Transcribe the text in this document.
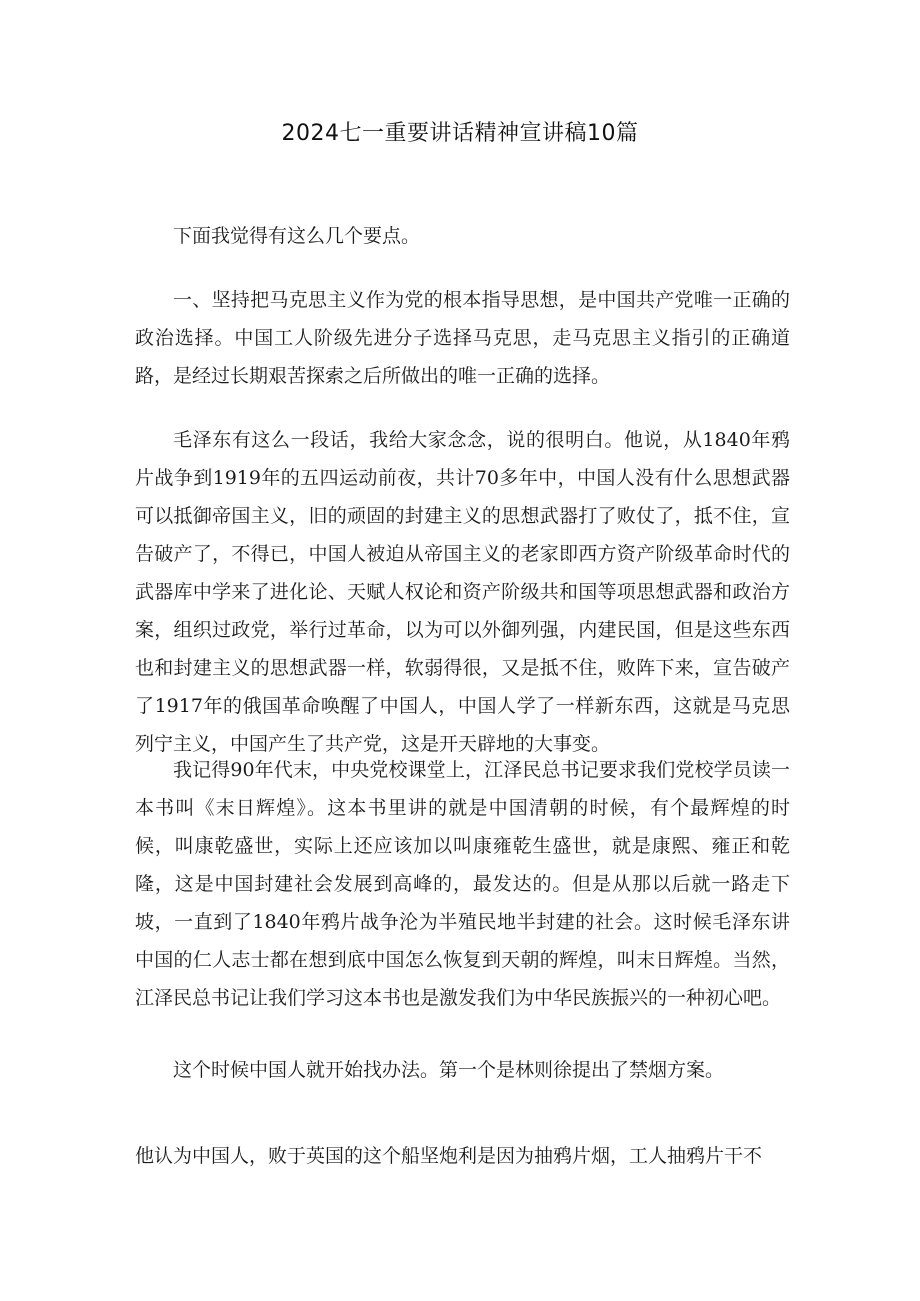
2024七一重要讲话精神宣讲稿10篇

下面我觉得有这么几个要点。

一、坚持把马克思主义作为党的根本指导思想，是中国共产党唯一正确的政治选择。中国工人阶级先进分子选择马克思，走马克思主义指引的正确道路，是经过长期艰苦探索之后所做出的唯一正确的选择。

毛泽东有这么一段话，我给大家念念，说的很明白。他说，从1840年鸦片战争到1919年的五四运动前夜，共计70多年中，中国人没有什么思想武器可以抵御帝国主义，旧的顽固的封建主义的思想武器打了败仗了，抵不住，宣告破产了，不得已，中国人被迫从帝国主义的老家即西方资产阶级革命时代的武器库中学来了进化论、天赋人权论和资产阶级共和国等项思想武器和政治方案，组织过政党，举行过革命，以为可以外御列强，内建民国，但是这些东西也和封建主义的思想武器一样，软弱得很，又是抵不住，败阵下来，宣告破产了1917年的俄国革命唤醒了中国人，中国人学了一样新东西，这就是马克思列宁主义，中国产生了共产党，这是开天辟地的大事变。

我记得90年代末，中央党校课堂上，江泽民总书记要求我们党校学员读一本书叫《末日辉煌》。这本书里讲的就是中国清朝的时候，有个最辉煌的时候，叫康乾盛世，实际上还应该加以叫康雍乾生盛世，就是康熙、雍正和乾隆，这是中国封建社会发展到高峰的，最发达的。但是从那以后就一路走下坡，一直到了1840年鸦片战争沦为半殖民地半封建的社会。这时候毛泽东讲中国的仁人志士都在想到底中国怎么恢复到天朝的辉煌，叫末日辉煌。当然，江泽民总书记让我们学习这本书也是激发我们为中华民族振兴的一种初心吧。

这个时候中国人就开始找办法。第一个是林则徐提出了禁烟方案。

他认为中国人，败于英国的这个船坚炮利是因为抽鸦片烟，工人抽鸦片干不
